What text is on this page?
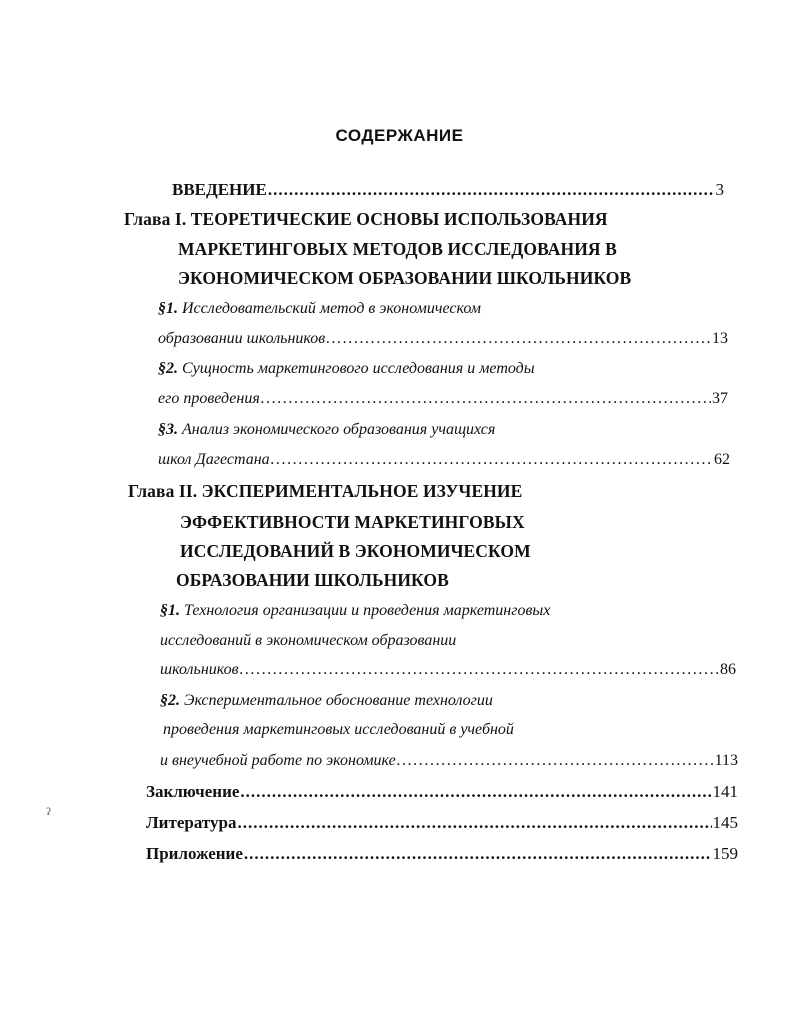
СОДЕРЖАНИЕ
ВВЕДЕНИЕ .....	3
Глава I. ТЕОРЕТИЧЕСКИЕ ОСНОВЫ ИСПОЛЬЗОВАНИЯ
МАРКЕТИНГОВЫХ МЕТОДОВ ИССЛЕДОВАНИЯ В
ЭКОНОМИЧЕСКОМ ОБРАЗОВАНИИ ШКОЛЬНИКОВ
§1. Исследовательский метод в экономическом
образовании школьников .....	13
§2. Сущность маркетингового исследования и методы
его проведения .....	37
§3. Анализ экономического образования учащихся
школ Дагестана .....	62
Глава II. ЭКСПЕРИМЕНТАЛЬНОЕ ИЗУЧЕНИЕ
ЭФФЕКТИВНОСТИ МАРКЕТИНГОВЫХ
ИССЛЕДОВАНИЙ В ЭКОНОМИЧЕСКОМ
ОБРАЗОВАНИИ ШКОЛЬНИКОВ
§1. Технология организации и проведения маркетинговых
исследований в экономическом образовании
школьников .....	86
§2. Экспериментальное обоснование технологии
проведения маркетинговых исследований в учебной
и внеучебной работе по экономике .....	113
Заключение .....	141
Литература .....	145
Приложение .....	159
ʔ
